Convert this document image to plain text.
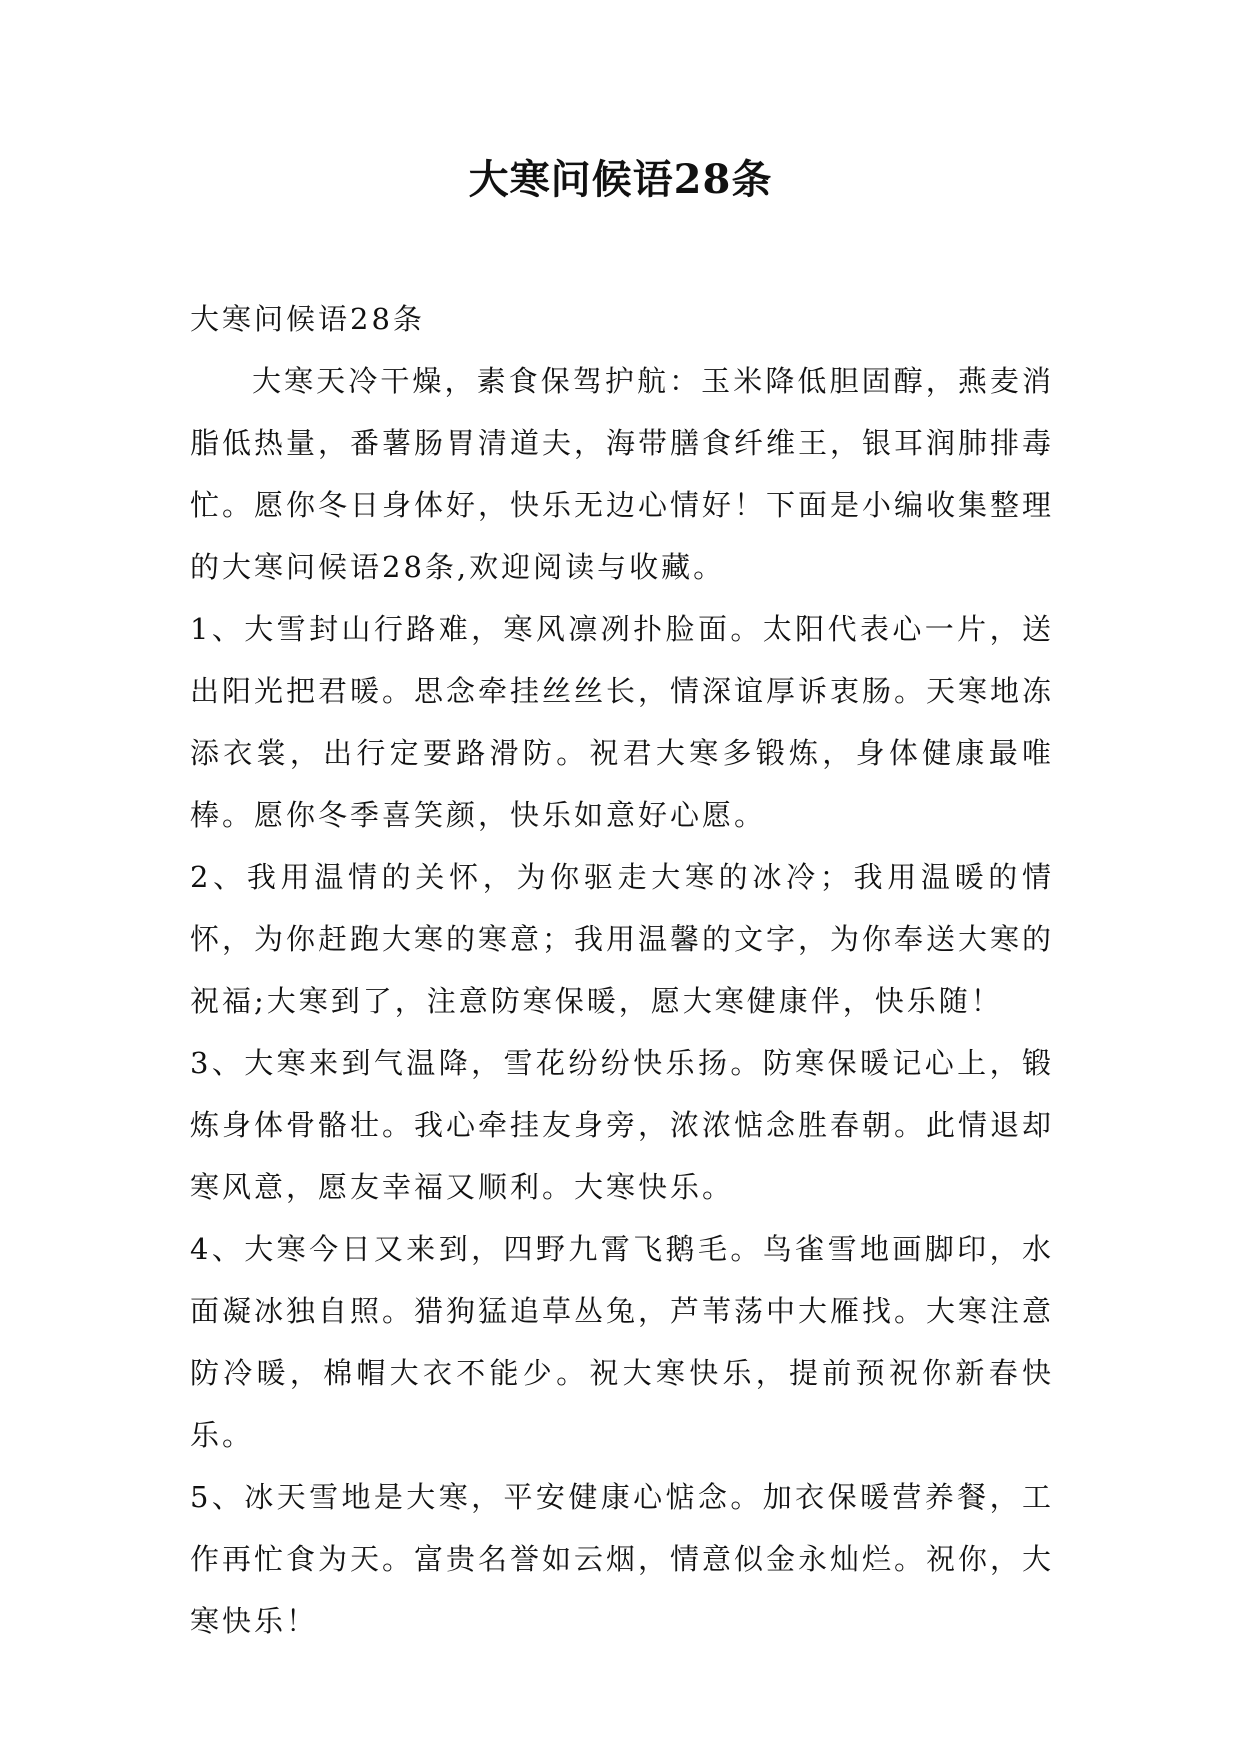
大寒问候语28条

大寒问候语28条

大寒天冷干燥，素食保驾护航：玉米降低胆固醇，燕麦消脂低热量，番薯肠胃清道夫，海带膳食纤维王，银耳润肺排毒忙。愿你冬日身体好，快乐无边心情好！下面是小编收集整理的大寒问候语28条,欢迎阅读与收藏。

1、大雪封山行路难，寒风凛冽扑脸面。太阳代表心一片，送出阳光把君暖。思念牵挂丝丝长，情深谊厚诉衷肠。天寒地冻添衣裳，出行定要路滑防。祝君大寒多锻炼，身体健康最唯棒。愿你冬季喜笑颜，快乐如意好心愿。

2、我用温情的关怀，为你驱走大寒的冰冷；我用温暖的情怀，为你赶跑大寒的寒意；我用温馨的文字，为你奉送大寒的祝福;大寒到了，注意防寒保暖，愿大寒健康伴，快乐随！

3、大寒来到气温降，雪花纷纷快乐扬。防寒保暖记心上，锻炼身体骨骼壮。我心牵挂友身旁，浓浓惦念胜春朝。此情退却寒风意，愿友幸福又顺利。大寒快乐。

4、大寒今日又来到，四野九霄飞鹅毛。鸟雀雪地画脚印，水面凝冰独自照。猎狗猛追草丛兔，芦苇荡中大雁找。大寒注意防冷暖，棉帽大衣不能少。祝大寒快乐，提前预祝你新春快乐。

5、冰天雪地是大寒，平安健康心惦念。加衣保暖营养餐，工作再忙食为天。富贵名誉如云烟，情意似金永灿烂。祝你，大寒快乐！
